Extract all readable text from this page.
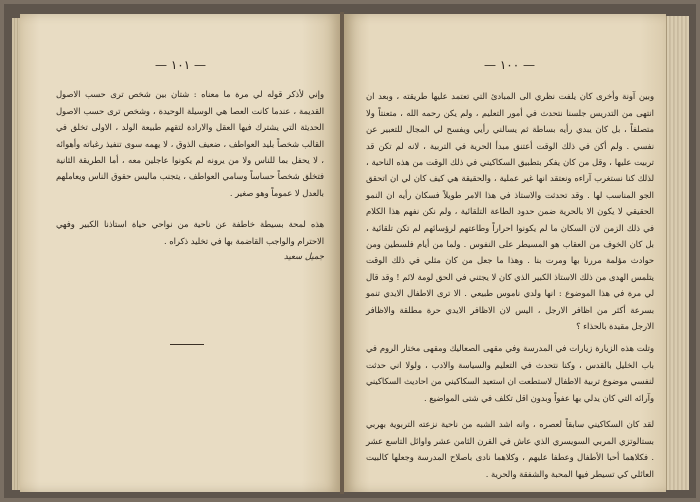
— ١٠١ —

وإني لأذكر قوله لي مرة ما معناه : شتان بين شخص ترى حسب الاصول القديمة ، عندما كانت العصا هي الوسيلة الوحيدة ، وشخص ترى حسب الاصول الحديثة التي يشترك فيها العقل والارادة لتقهم طبيعة الولد ، الاولى تخلق في القالب شخصاً بليد العواطف ، ضعيف الذوق ، لا يهمه سوى تنفيذ رغباته وأهوائه ، لا يحفل بما للناس ولا من يرونه لم يكونوا عاجلين معه ، أما الطريقة الثانية فتخلق شخصاً حساساً وسامي العواطف ، يتجنب ماليس حقوق الناس ويعاملهم بالعدل لا عموماً وهو صغير .

هذه لمحة بسيطة خاطفة عن ناحية من نواحي حياة استاذنا الكبير وفهي الاحترام والواجب القاضمة بها في تخليد ذكراه .

جميل سعيد
— ١٠٠ —

وبين آونة وأخرى كان يلفت نظري الى المبادئ التي تعتمد عليها طريقته ، وبعد ان انتهى من التدريس جلسنا نتحدث في أمور التعليم ، ولم يكن رحمه الله ، متعنتاً ولا متصلفاً ، بل كان يبدي رأيه بساطة ثم يسالني رأيي ويفسح لي المجال للتعبير عن نفسي . ولم أكن في ذلك الوقت أعتنق مبدأ الحرية في التربية ، لانه لم تكن قد تربيت عليها ، وقل من كان يفكر بتطبيق السكاكيني في ذلك الوقت من هذه الناحية ، لذلك كنا نستغرب آراءه ونعتقد انها غير عملية ، والحقيقة هي كيف كان لي ان اتحقق الجو المناسب لها . وقد تحدثت والاستاذ في هذا الامر طويلاً فسكان رأيه ان النمو الحقيقي لا يكون الا بالحرية ضمن حدود الطاعة التلقائية ، ولم نكن نفهم هذا الكلام في ذلك الزمن لان السكان ما لم يكونوا احراراً وطاعتهم لرؤسائهم لم تكن تلقائية ، بل كان الخوف من العقاب هو المسيطر على النفوس . ولما من أيام فلسطين ومن حوادث مؤلمة مررنا بها ومرت بنا . وهذا ما جعل من كان مثلي في ذلك الوقت يتلمس الهدى من ذلك الاستاذ الكبير الذي كان لا يجتني في الحق لومة لائم ! وقد قال لي مرة في هذا الموضوع : انها ولدي ناموس طبيعي . الا ترى الاطفال الايدي تنمو بسرعة أكثر من اظافر الارجل ، اليس لان الاظافر الايدي حرة مطلقة والاظافر الارجل مقيدة بالحذاء ؟

وتلت هذه الزيارة زيارات في المدرسة وفي مقهى الصعاليك ومقهى مختار الروم في باب الخليل بالقدس ، وكنا نتحدث في التعليم والسياسة والادب ، ولولا اني حدثت لنفسي موضوع تربية الاطفال لاستطعت ان استعيد السكاكيني من احاديث السكاكيني وآرائه التي كان يدلي بها عفواً وبدون اقل تكلف في شتى المواضيع .

لقد كان السكاكيني سابقاً لعصره ، وانه اشد الشبه من ناحية نزعته التربوية بهربي بستالوتزي المربي السويسري الذي عاش في القرن الثامن عشر واوائل التاسع عشر . فكلاهما أحبا الأطفال وعطفا عليهم ، وكلاهما نادى باصلاح المدرسة وجعلها كالبيت العائلي كي تسيطر فيها المحبة والشفقة والحرية .
